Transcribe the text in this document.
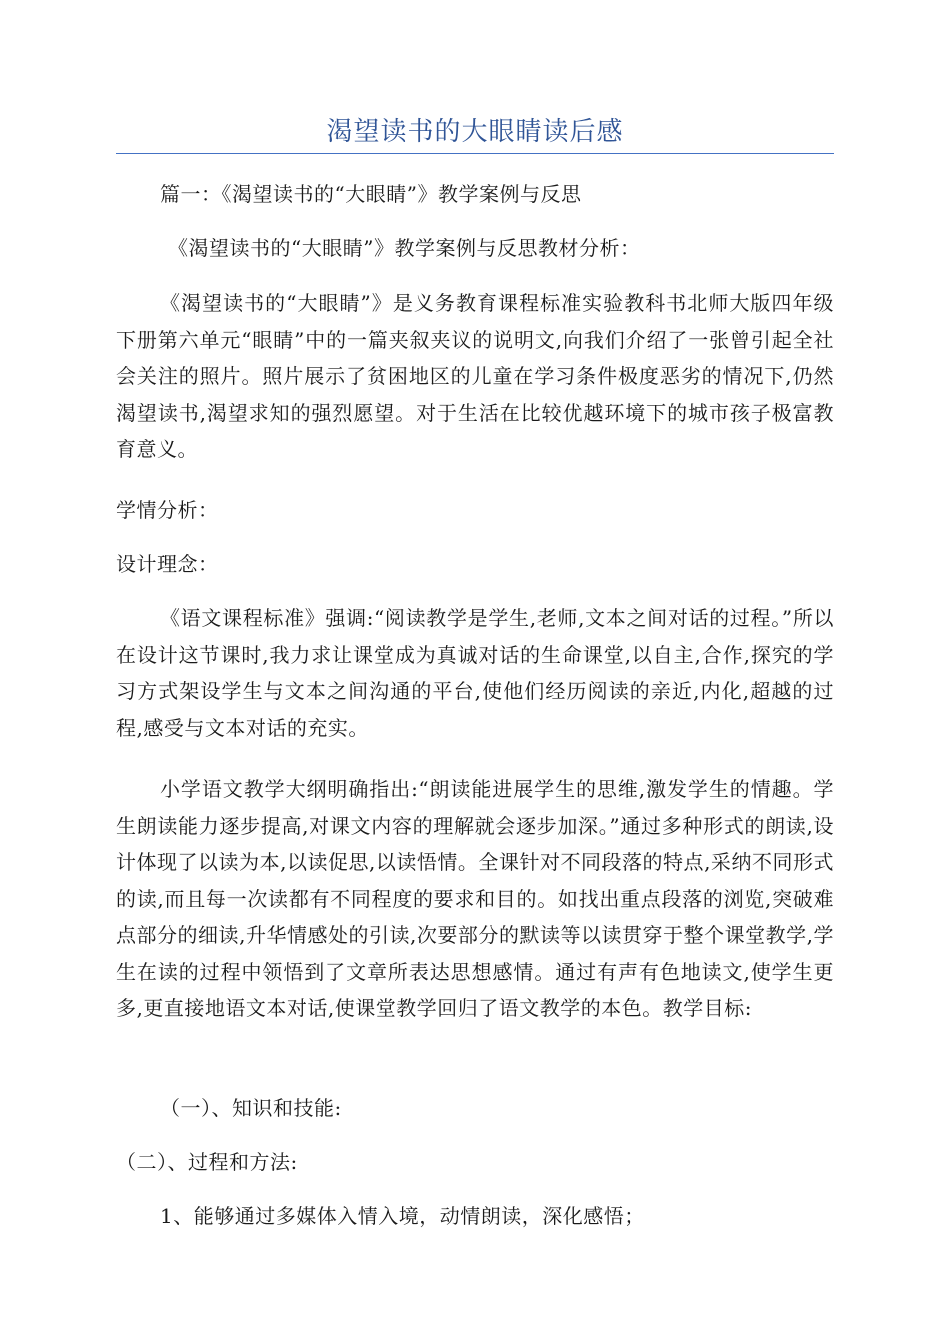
渴望读书的大眼睛读后感
篇一：《渴望读书的“大眼睛”》教学案例与反思
《渴望读书的“大眼睛”》教学案例与反思教材分析：
《渴望读书的“大眼睛”》是义务教育课程标准实验教科书北师大版四年级下册第六单元“眼睛”中的一篇夹叙夹议的说明文,向我们介绍了一张曾引起全社会关注的照片。照片展示了贫困地区的儿童在学习条件极度恶劣的情况下,仍然渴望读书,渴望求知的强烈愿望。对于生活在比较优越环境下的城市孩子极富教育意义。
学情分析：
设计理念：
《语文课程标准》强调:“阅读教学是学生,老师,文本之间对话的过程。”所以在设计这节课时,我力求让课堂成为真诚对话的生命课堂,以自主,合作,探究的学习方式架设学生与文本之间沟通的平台,使他们经历阅读的亲近,内化,超越的过程,感受与文本对话的充实。
小学语文教学大纲明确指出:“朗读能进展学生的思维,激发学生的情趣。学生朗读能力逐步提高,对课文内容的理解就会逐步加深。”通过多种形式的朗读,设计体现了以读为本,以读促思,以读悟情。全课针对不同段落的特点,采纳不同形式的读,而且每一次读都有不同程度的要求和目的。如找出重点段落的浏览,突破难点部分的细读,升华情感处的引读,次要部分的默读等以读贯穿于整个课堂教学,学生在读的过程中领悟到了文章所表达思想感情。通过有声有色地读文,使学生更多,更直接地语文本对话,使课堂教学回归了语文教学的本色。教学目标:
（一）、知识和技能:
（二）、过程和方法:
1、能够通过多媒体入情入境，动情朗读，深化感悟；
